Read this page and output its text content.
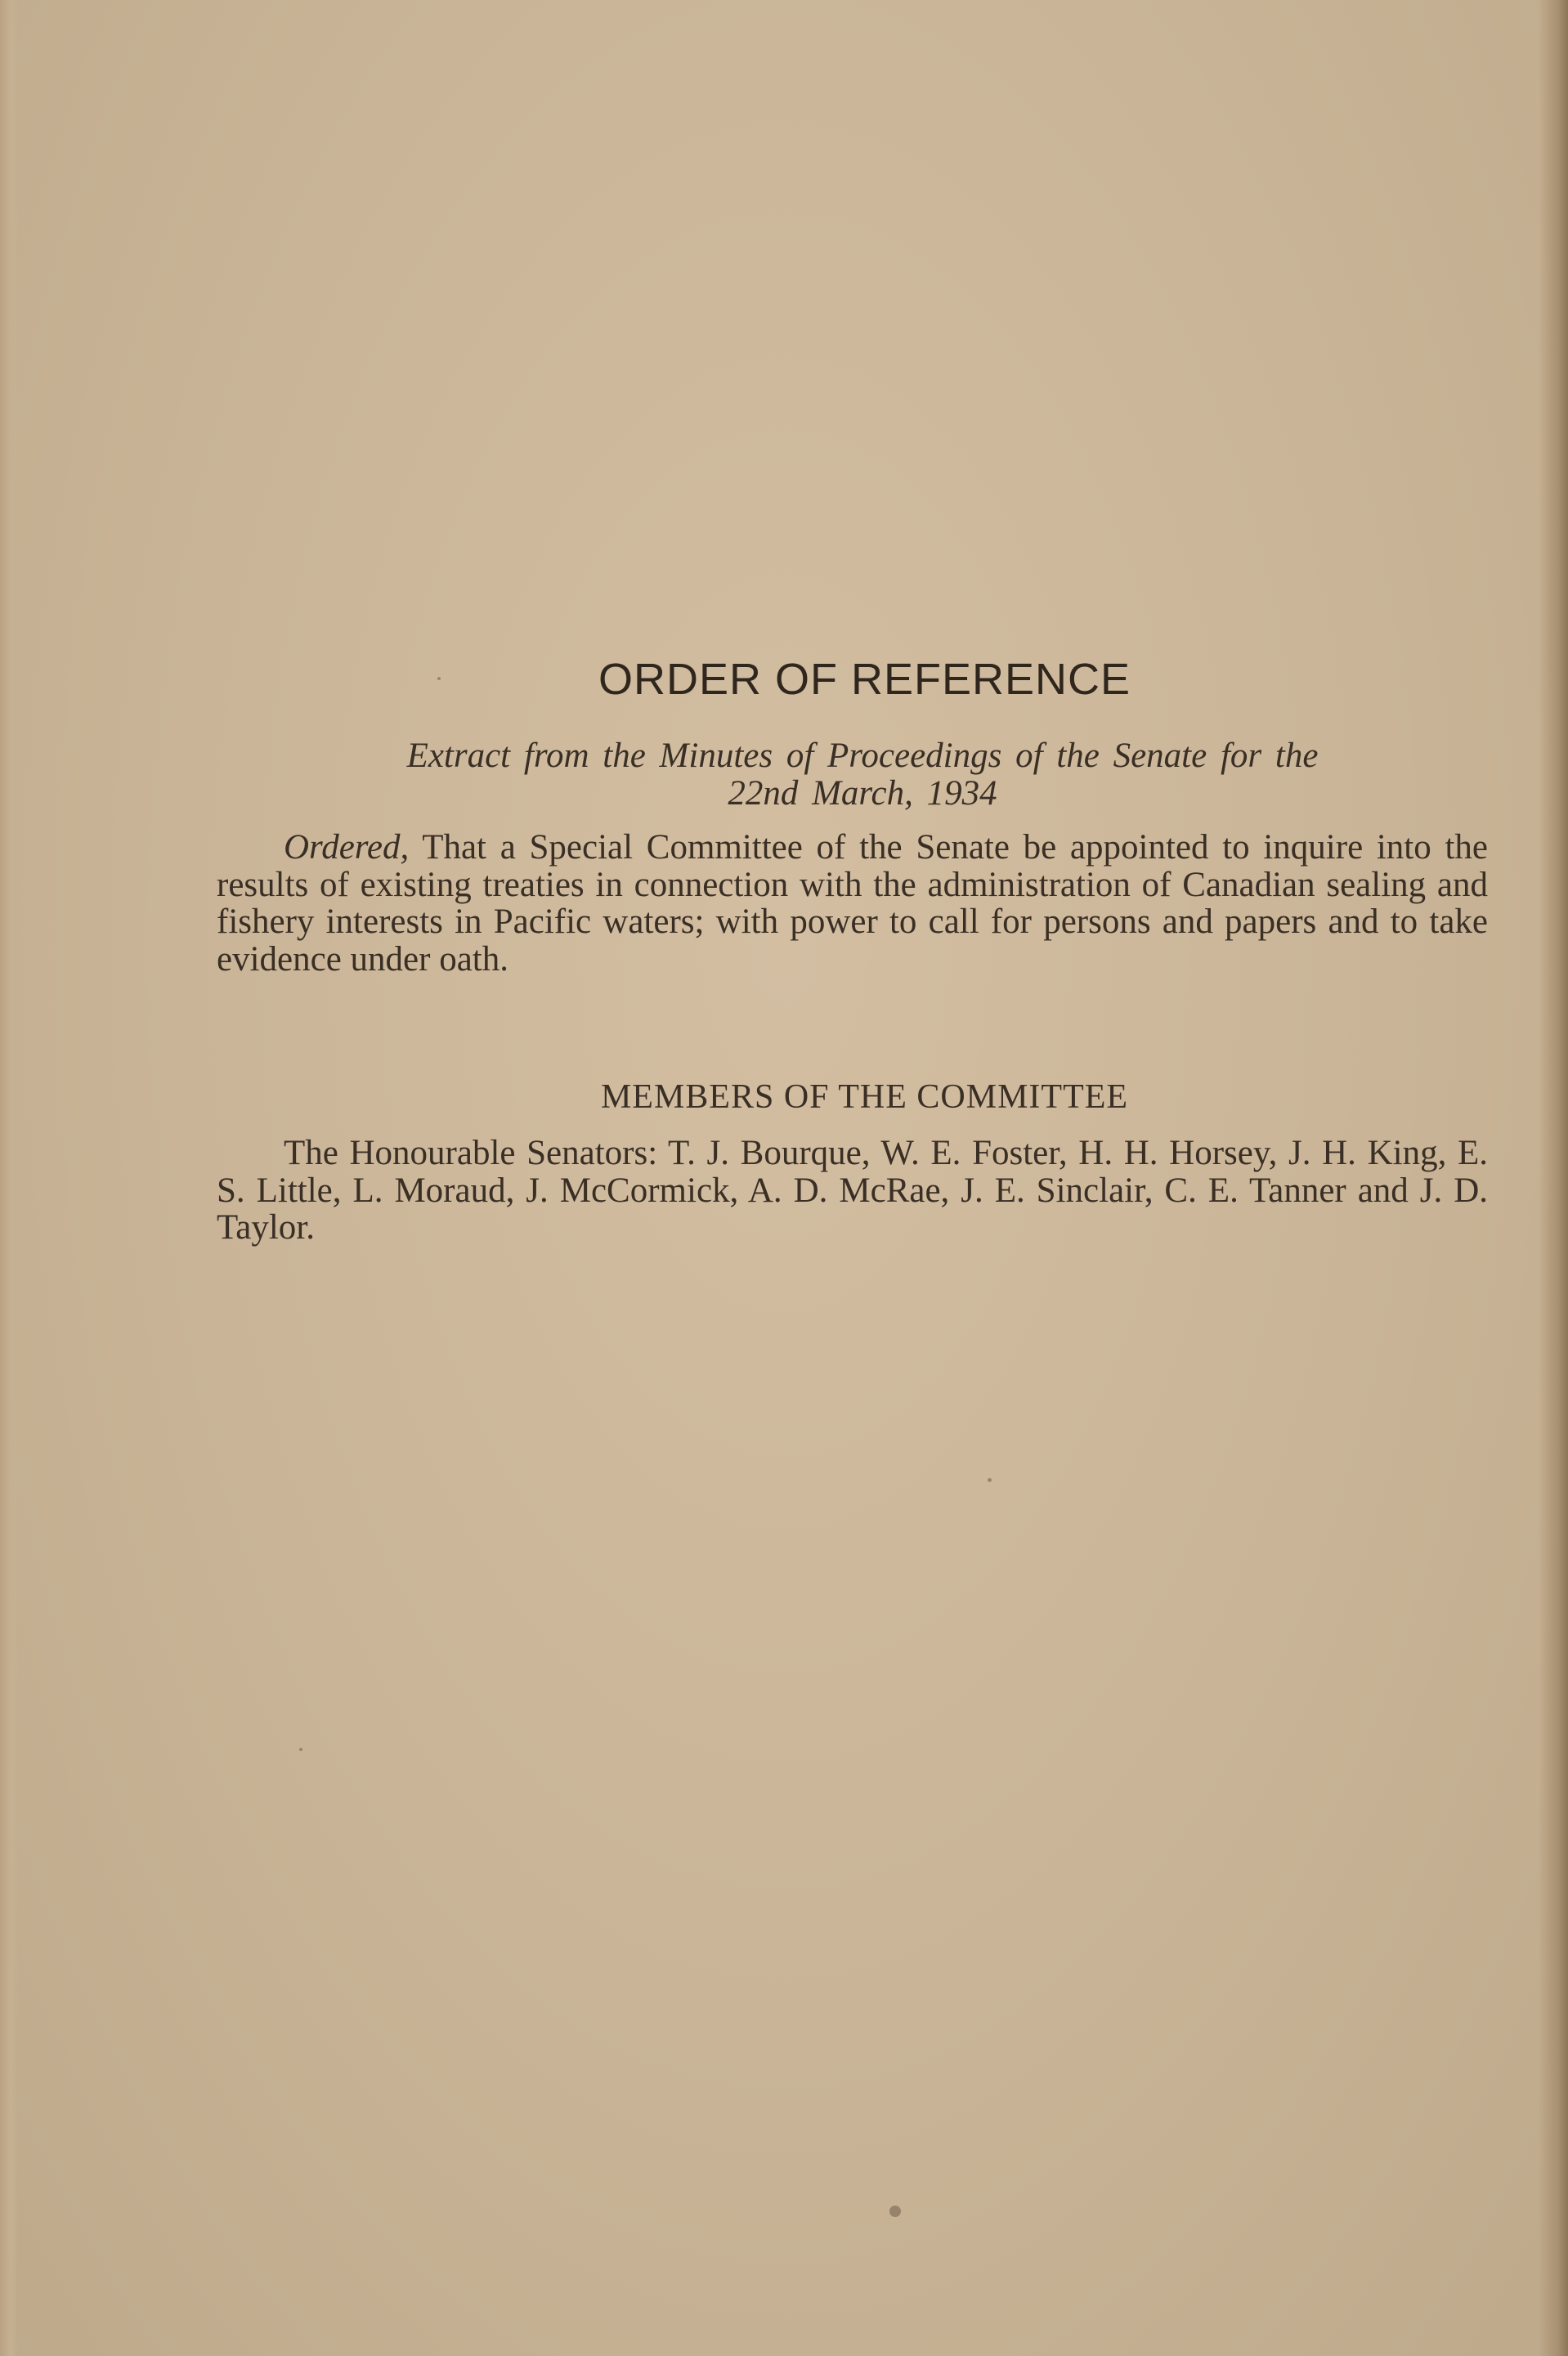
ORDER OF REFERENCE
Extract from the Minutes of Proceedings of the Senate for the
22nd March, 1934

Ordered, That a Special Committee of the Senate be appointed to inquire into the results of existing treaties in connection with the administration of Canadian sealing and fishery interests in Pacific waters; with power to call for persons and papers and to take evidence under oath.

MEMBERS OF THE COMMITTEE

The Honourable Senators: T. J. Bourque, W. E. Foster, H. H. Horsey, J. H. King, E. S. Little, L. Moraud, J. McCormick, A. D. McRae, J. E. Sinclair, C. E. Tanner and J. D. Taylor.
